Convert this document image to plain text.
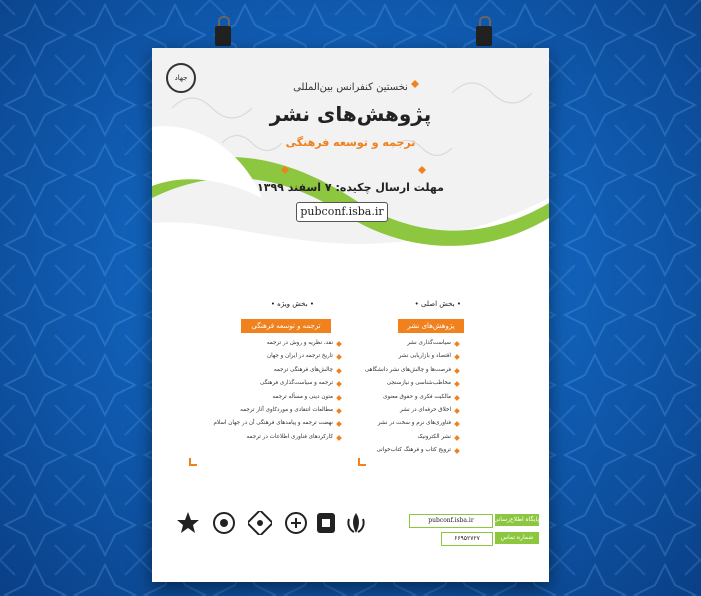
جهاد
نخستین کنفرانس بین‌المللی
پژوهش‌های نشر
ترجمه و توسعه فرهنگی
مهلت ارسال چکیده: ۷ اسفند ۱۳۹۹
pubconf.isba.ir
• بخش اصلی •
پژوهش‌های نشر
سیاست‌گذاری نشر
اقتصاد و بازاریابی نشر
فرصت‌ها و چالش‌های نشر دانشگاهی
مخاطب‌شناسی و نیازسنجی
مالکیت فکری و حقوق معنوی
اخلاق حرفه‌ای در نشر
فناوری‌های نرم و سخت در نشر
نشر الکترونیک
ترویج کتاب و فرهنگ کتاب‌خوانی
• بخش ویژه •
ترجمه و توسعه فرهنگی
نقد، نظریه و روش در ترجمه
تاریخ ترجمه در ایران و جهان
چالش‌های فرهنگی ترجمه
ترجمه و سیاست‌گذاری فرهنگی
متون دینی و مسأله ترجمه
مطالعات انتقادی و موردکاوی آثار ترجمه
نهضت ترجمه و پیامدهای فرهنگی آن در جهان اسلام
کارکردهای فناوری اطلاعات در ترجمه
پایگاه اطلاع‌رسانی
pubconf.isba.ir
شماره تماس
۶۶۹۵۲۷۲۷
